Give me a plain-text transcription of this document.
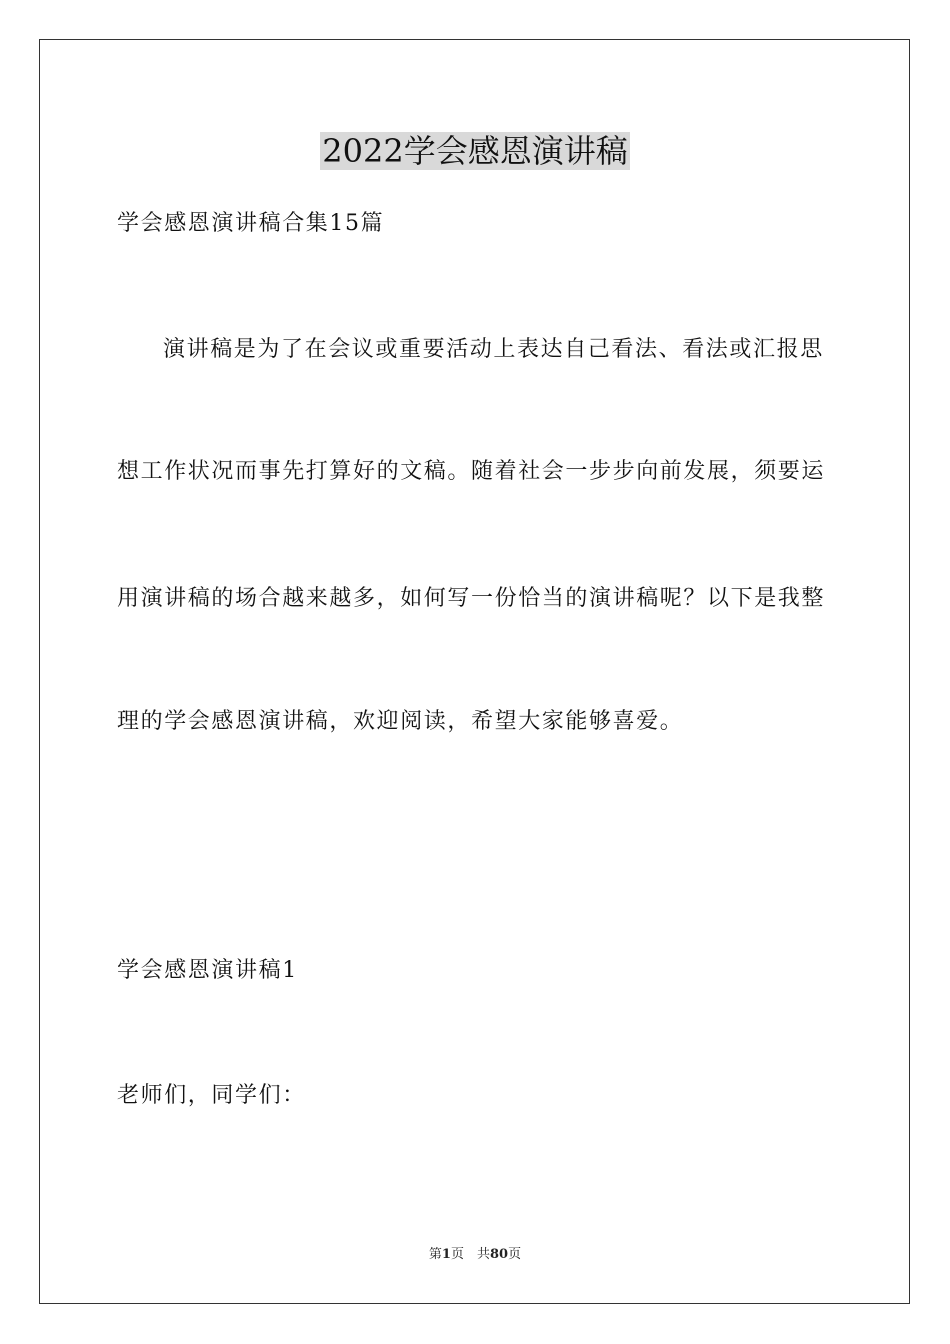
2022学会感恩演讲稿
学会感恩演讲稿合集15篇
演讲稿是为了在会议或重要活动上表达自己看法、看法或汇报思
想工作状况而事先打算好的文稿。随着社会一步步向前发展，须要运
用演讲稿的场合越来越多，如何写一份恰当的演讲稿呢？以下是我整
理的学会感恩演讲稿，欢迎阅读，希望大家能够喜爱。
学会感恩演讲稿1
老师们，同学们：
第1页　共80页
